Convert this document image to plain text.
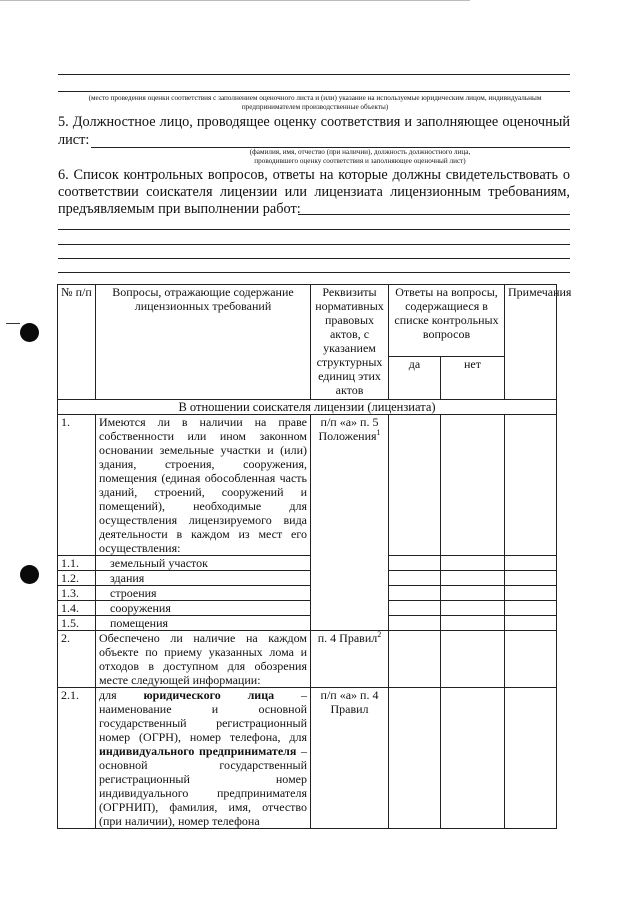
(место проведения оценки соответствия с заполнением оценочного листа и (или) указание на используемые юридическим лицом, индивидуальным предпринимателем производственные объекты)
5. Должностное лицо, проводящее оценку соответствия и заполняющее оценочный
лист:
(фамилия, имя, отчество (при наличии), должность должностного лица,
проводившего оценку соответствия и заполняющее оценочный лист)
6. Список контрольных вопросов, ответы на которые должны свидетельствовать о
соответствии соискателя лицензии или лицензиата лицензионным требованиям,
предъявляемым при выполнении работ:
№ п/п	Вопросы, отражающие содержание лицензионных требований	Реквизиты нормативных правовых актов, с указанием структурных единиц этих актов	Ответы на вопросы, содержащиеся в списке контрольных вопросов		Примечания
			да	нет	
В отношении соискателя лицензии (лицензиата)					
1.	Имеются ли в наличии на праве собственности или ином законном основании земельные участки и (или) здания, строения, сооружения, помещения (единая обособленная часть зданий, строений, сооружений и помещений), необходимые для осуществления лицензируемого вида деятельности в каждом из мест его осуществления:	п/п «а» п. 5 Положения$^1$			
1.1.	земельный участок				
1.2.	здания				
1.3.	строения				
1.4.	сооружения				
1.5.	помещения				
2.	Обеспечено ли наличие на каждом объекте по приему указанных лома и отходов в доступном для обозрения месте следующей информации:	п. 4 Правил$^2$			
2.1.	для юридического лица – наименование и основной государственный регистрационный номер (ОГРН), номер телефона, для индивидуального предпринимателя – основной государственный регистрационный номер индивидуального предпринимателя (ОГРНИП), фамилия, имя, отчество (при наличии), номер телефона	п/п «а» п. 4 Правил			
